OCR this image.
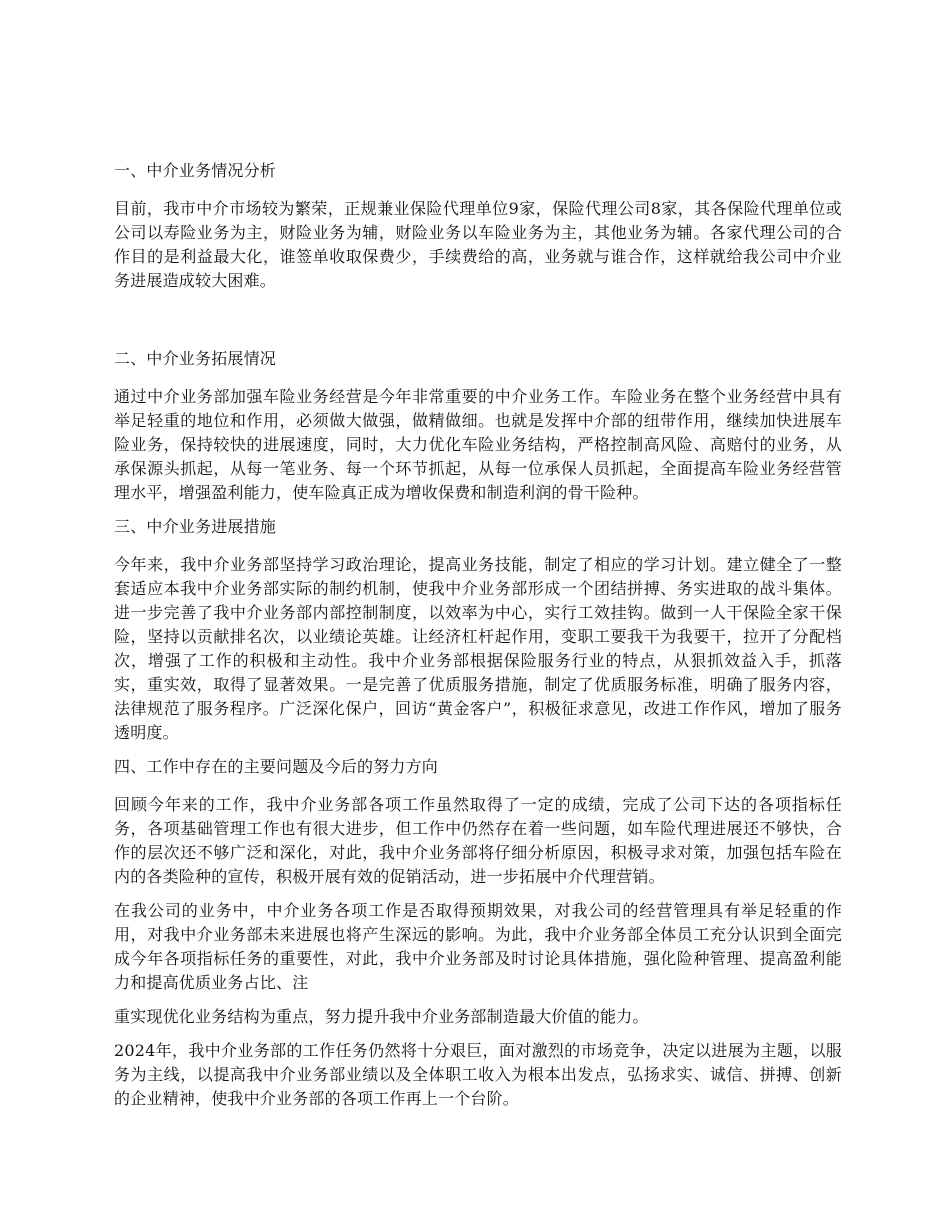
一、中介业务情况分析
目前，我市中介市场较为繁荣，正规兼业保险代理单位9家，保险代理公司8家，其各保险代理单位或公司以寿险业务为主，财险业务为辅，财险业务以车险业务为主，其他业务为辅。各家代理公司的合作目的是利益最大化，谁签单收取保费少，手续费给的高，业务就与谁合作，这样就给我公司中介业务进展造成较大困难。
二、中介业务拓展情况
通过中介业务部加强车险业务经营是今年非常重要的中介业务工作。车险业务在整个业务经营中具有举足轻重的地位和作用，必须做大做强，做精做细。也就是发挥中介部的纽带作用，继续加快进展车险业务，保持较快的进展速度，同时，大力优化车险业务结构，严格控制高风险、高赔付的业务，从承保源头抓起，从每一笔业务、每一个环节抓起，从每一位承保人员抓起，全面提高车险业务经营管理水平，增强盈利能力，使车险真正成为增收保费和制造利润的骨干险种。
三、中介业务进展措施
今年来，我中介业务部坚持学习政治理论，提高业务技能，制定了相应的学习计划。建立健全了一整套适应本我中介业务部实际的制约机制，使我中介业务部形成一个团结拼搏、务实进取的战斗集体。进一步完善了我中介业务部内部控制制度，以效率为中心，实行工效挂钩。做到一人干保险全家干保险，坚持以贡献排名次，以业绩论英雄。让经济杠杆起作用，变职工要我干为我要干，拉开了分配档次，增强了工作的积极和主动性。我中介业务部根据保险服务行业的特点，从狠抓效益入手，抓落实，重实效，取得了显著效果。一是完善了优质服务措施，制定了优质服务标准，明确了服务内容，法律规范了服务程序。广泛深化保户，回访“黄金客户”，积极征求意见，改进工作作风，增加了服务透明度。
四、工作中存在的主要问题及今后的努力方向
回顾今年来的工作，我中介业务部各项工作虽然取得了一定的成绩，完成了公司下达的各项指标任务，各项基础管理工作也有很大进步，但工作中仍然存在着一些问题，如车险代理进展还不够快，合作的层次还不够广泛和深化，对此，我中介业务部将仔细分析原因，积极寻求对策，加强包括车险在内的各类险种的宣传，积极开展有效的促销活动，进一步拓展中介代理营销。
在我公司的业务中，中介业务各项工作是否取得预期效果，对我公司的经营管理具有举足轻重的作用，对我中介业务部未来进展也将产生深远的影响。为此，我中介业务部全体员工充分认识到全面完成今年各项指标任务的重要性，对此，我中介业务部及时讨论具体措施，强化险种管理、提高盈利能力和提高优质业务占比、注
重实现优化业务结构为重点，努力提升我中介业务部制造最大价值的能力。
2024年，我中介业务部的工作任务仍然将十分艰巨，面对激烈的市场竞争，决定以进展为主题，以服务为主线，以提高我中介业务部业绩以及全体职工收入为根本出发点，弘扬求实、诚信、拼搏、创新的企业精神，使我中介业务部的各项工作再上一个台阶。
